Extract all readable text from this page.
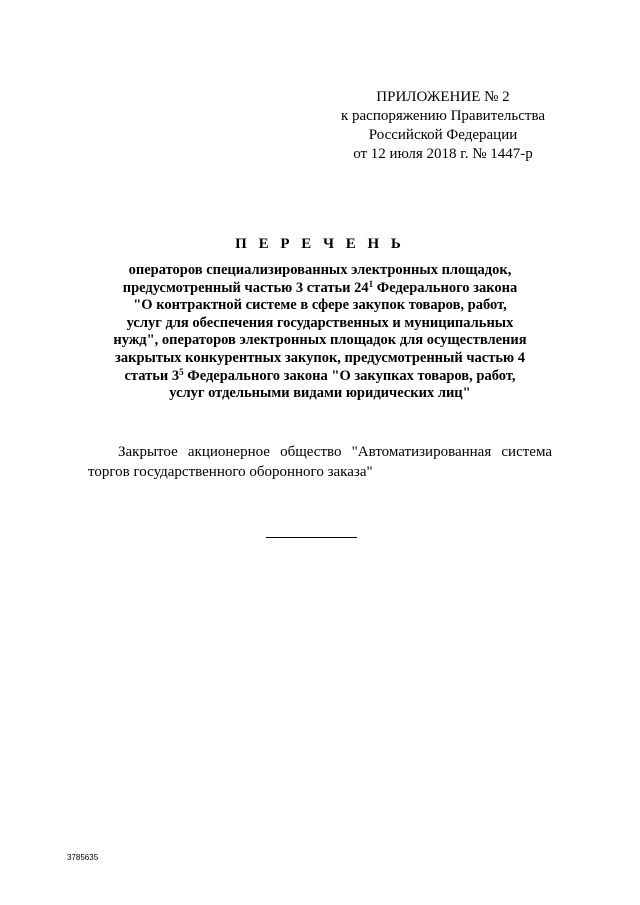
ПРИЛОЖЕНИЕ № 2
к распоряжению Правительства
Российской Федерации
от 12 июля 2018 г. № 1447-р
П Е Р Е Ч Е Н Ь
операторов специализированных электронных площадок,
предусмотренный частью 3 статьи $24^1$ Федерального закона
"О контрактной системе в сфере закупок товаров, работ,
услуг для обеспечения государственных и муниципальных
нужд", операторов электронных площадок для осуществления
закрытых конкурентных закупок, предусмотренный частью 4
статьи $3^5$ Федерального закона "О закупках товаров, работ,
услуг отдельными видами юридических лиц"
Закрытое акционерное общество "Автоматизированная система
торгов государственного оборонного заказа"
3785635
